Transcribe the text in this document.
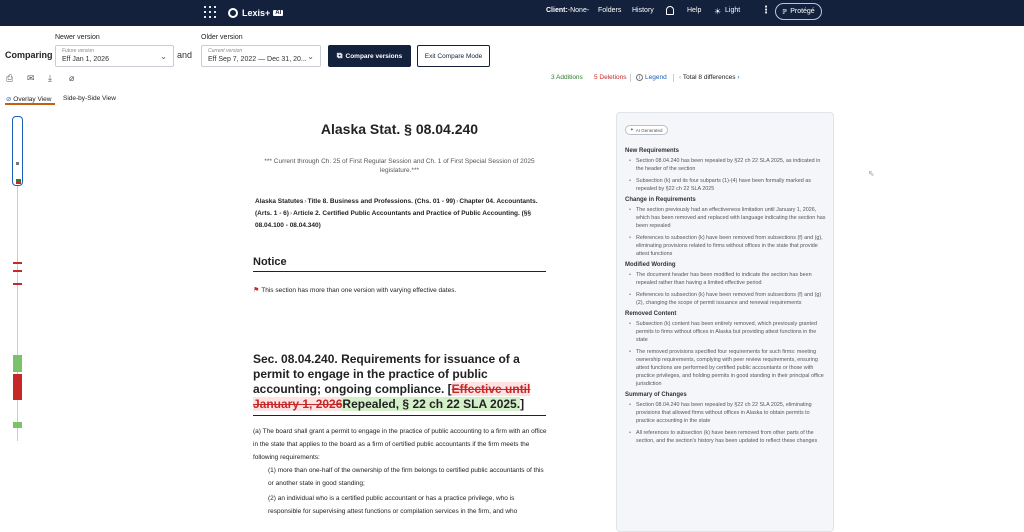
Lexis+ AI	Client:-None- Folders History	Help ☀ Light ⋮ ℙ Protégé
Newer version	Older version
Comparing Future version
Eff Jan 1, 2026	⌄ and	Current version
Eff Sep 7, 2022 — Dec 31, 20... ⌄	⧉ Compare versions	Exit Compare Mode
⎙ ✉ ⤓ ⌀	3 Additions 5 Deletions	i Legend ‹ Total 8 differences ›
⊘ Overlay View Side-by-Side View
Alaska Stat. § 08.04.240
*** Current through Ch. 25 of First Regular Session and Ch. 1 of First Special Session of 2025 legislature.***
Alaska Statutes›Title 8. Business and Professions. (Chs. 01 - 99)›Chapter 04. Accountants. (Arts. 1 - 6)›Article 2. Certified Public Accountants and Practice of Public Accounting. (§§ 08.04.100 - 08.04.340)
Notice
⚑ This section has more than one version with varying effective dates.
Sec. 08.04.240. Requirements for issuance of a permit to engage in the practice of public accounting; ongoing compliance. [Effective until January 1, 2026Repealed, § 22 ch 22 SLA 2025.]
(a) The board shall grant a permit to engage in the practice of public accounting to a firm with an office in the state that applies to the board as a firm of certified public accountants if the firm meets the following requirements:
(1) more than one-half of the ownership of the firm belongs to certified public accountants of this or another state in good standing;
(2) an individual who is a certified public accountant or has a practice privilege, who is responsible for supervising attest functions or compilation services in the firm, and who
✦ AI Generated
New Requirements
• Section 08.04.240 has been repealed by §22 ch 22 SLA 2025, as indicated in the header of the section
• Subsection (k) and its four subparts (1)-(4) have been formally marked as repealed by §22 ch 22 SLA 2025
Change in Requirements
• The section previously had an effectiveness limitation until January 1, 2026, which has been removed and replaced with language indicating the section has been repealed
• References to subsection (k) have been removed from subsections (f) and (g), eliminating provisions related to firms without offices in the state that provide attest functions
Modified Wording
• The document header has been modified to indicate the section has been repealed rather than having a limited effective period
• References to subsection (k) have been removed from subsections (f) and (g)(2), changing the scope of permit issuance and renewal requirements
Removed Content
• Subsection (k) content has been entirely removed, which previously granted permits to firms without offices in Alaska but providing attest functions in the state
• The removed provisions specified four requirements for such firms: meeting ownership requirements, complying with peer review requirements, ensuring attest functions are performed by certified public accountants or those with practice privileges, and holding permits in good standing in their principal office jurisdiction
Summary of Changes
• Section 08.04.240 has been repealed by §22 ch 22 SLA 2025, eliminating provisions that allowed firms without offices in Alaska to obtain permits to practice accounting in the state
• All references to subsection (k) have been removed from other parts of the section, and the section's history has been updated to reflect these changes
⇖
